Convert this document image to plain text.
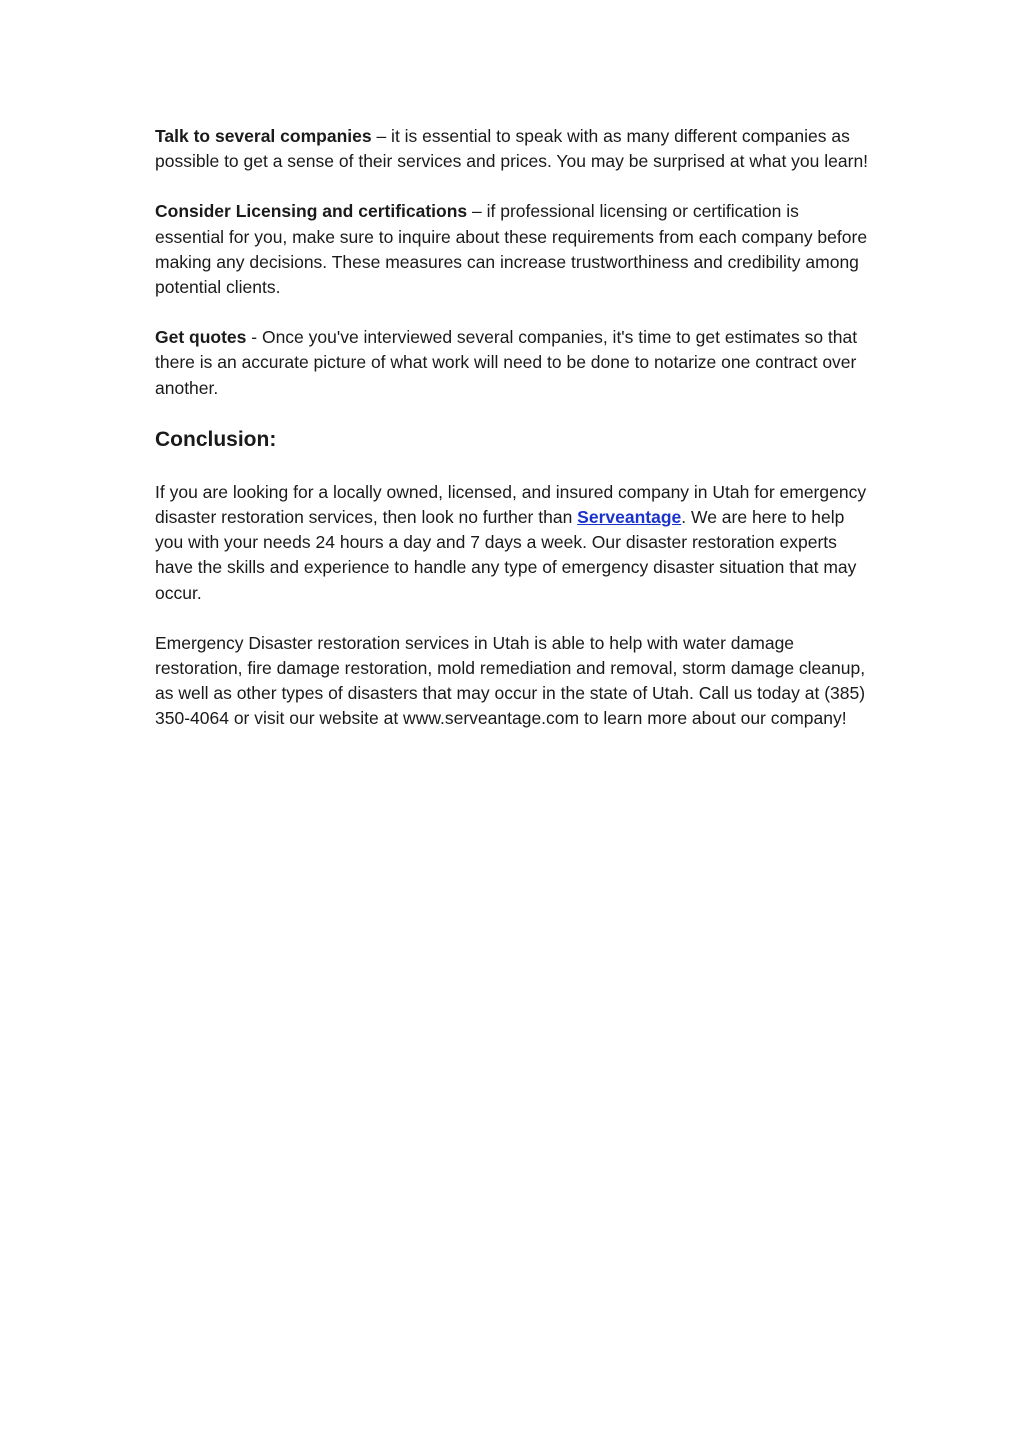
Talk to several companies – it is essential to speak with as many different companies as possible to get a sense of their services and prices. You may be surprised at what you learn!

Consider Licensing and certifications – if professional licensing or certification is essential for you, make sure to inquire about these requirements from each company before making any decisions. These measures can increase trustworthiness and credibility among potential clients.

Get quotes - Once you've interviewed several companies, it's time to get estimates so that there is an accurate picture of what work will need to be done to notarize one contract over another.

Conclusion:

If you are looking for a locally owned, licensed, and insured company in Utah for emergency disaster restoration services, then look no further than Serveantage. We are here to help you with your needs 24 hours a day and 7 days a week. Our disaster restoration experts have the skills and experience to handle any type of emergency disaster situation that may occur.

Emergency Disaster restoration services in Utah is able to help with water damage restoration, fire damage restoration, mold remediation and removal, storm damage cleanup, as well as other types of disasters that may occur in the state of Utah. Call us today at (385) 350-4064 or visit our website at www.serveantage.com to learn more about our company!
